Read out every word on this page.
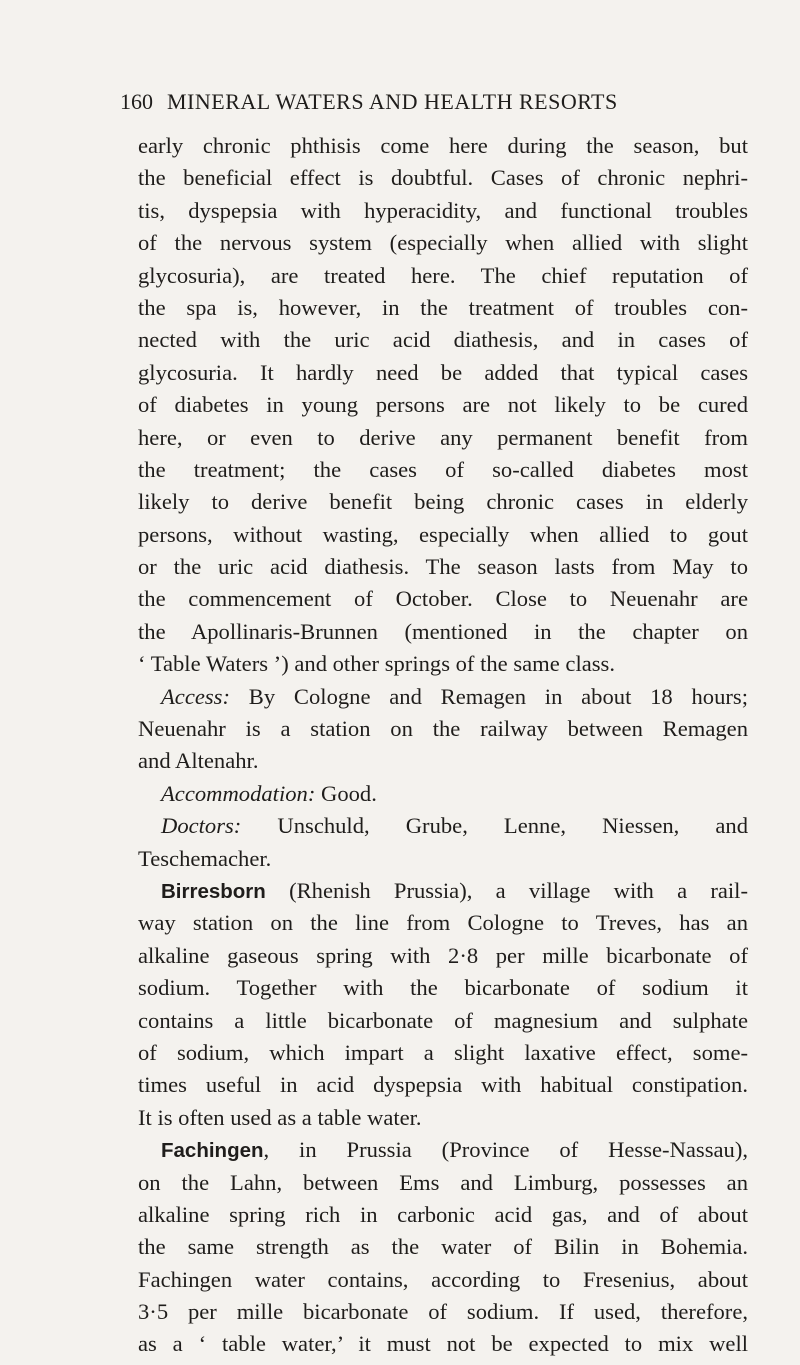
160 MINERAL WATERS AND HEALTH RESORTS
early chronic phthisis come here during the season, but
the beneficial effect is doubtful. Cases of chronic nephri-
tis, dyspepsia with hyperacidity, and functional troubles
of the nervous system (especially when allied with slight
glycosuria), are treated here. The chief reputation of
the spa is, however, in the treatment of troubles con-
nected with the uric acid diathesis, and in cases of
glycosuria. It hardly need be added that typical cases
of diabetes in young persons are not likely to be cured
here, or even to derive any permanent benefit from
the treatment; the cases of so-called diabetes most
likely to derive benefit being chronic cases in elderly
persons, without wasting, especially when allied to gout
or the uric acid diathesis. The season lasts from May to
the commencement of October. Close to Neuenahr are
the Apollinaris-Brunnen (mentioned in the chapter on
‘ Table Waters ’) and other springs of the same class.
Access: By Cologne and Remagen in about 18 hours;
Neuenahr is a station on the railway between Remagen
and Altenahr.
Accommodation: Good.
Doctors: Unschuld, Grube, Lenne, Niessen, and
Teschemacher.
Birresborn (Rhenish Prussia), a village with a rail-
way station on the line from Cologne to Treves, has an
alkaline gaseous spring with 2·8 per mille bicarbonate of
sodium. Together with the bicarbonate of sodium it
contains a little bicarbonate of magnesium and sulphate
of sodium, which impart a slight laxative effect, some-
times useful in acid dyspepsia with habitual constipation.
It is often used as a table water.
Fachingen, in Prussia (Province of Hesse-Nassau),
on the Lahn, between Ems and Limburg, possesses an
alkaline spring rich in carbonic acid gas, and of about
the same strength as the water of Bilin in Bohemia.
Fachingen water contains, according to Fresenius, about
3·5 per mille bicarbonate of sodium. If used, therefore,
as a ‘ table water,’ it must not be expected to mix well
